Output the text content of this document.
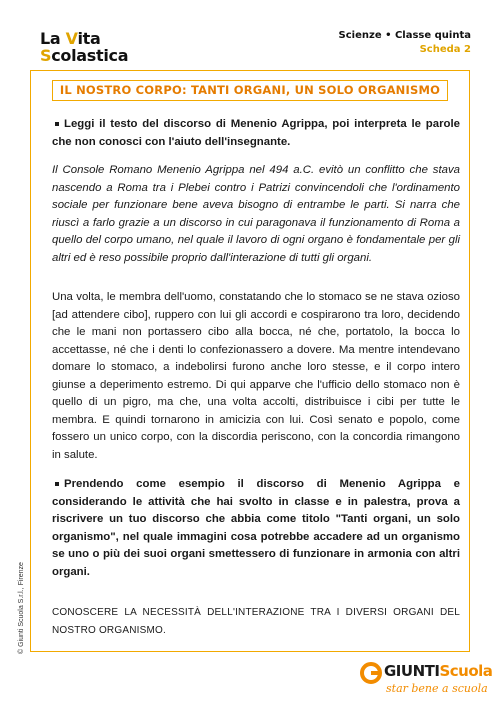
La Vita
Scolastica
Scienze • Classe quinta
Scheda 2
IL NOSTRO CORPO: TANTI ORGANI, UN SOLO ORGANISMO
Leggi il testo del discorso di Menenio Agrippa, poi interpreta le parole che non conosci con l'aiuto dell'insegnante.
Il Console Romano Menenio Agrippa nel 494 a.C. evitò un conflitto che stava nascendo a Roma tra i Plebei contro i Patrizi convincendoli che l'ordinamento sociale per funzionare bene aveva bisogno di entrambe le parti. Si narra che riuscì a farlo grazie a un discorso in cui paragonava il funzionamento di Roma a quello del corpo umano, nel quale il lavoro di ogni organo è fondamentale per gli altri ed è reso possibile proprio dall'interazione di tutti gli organi.
Una volta, le membra dell'uomo, constatando che lo stomaco se ne stava ozioso [ad attendere cibo], ruppero con lui gli accordi e cospirarono tra loro, decidendo che le mani non portassero cibo alla bocca, né che, portatolo, la bocca lo accettasse, né che i denti lo confezionassero a dovere. Ma mentre intendevano domare lo stomaco, a indebolirsi furono anche loro stesse, e il corpo intero giunse a deperimento estremo. Di qui apparve che l'ufficio dello stomaco non è quello di un pigro, ma che, una volta accolti, distribuisce i cibi per tutte le membra. E quindi tornarono in amicizia con lui. Così senato e popolo, come fossero un unico corpo, con la discordia periscono, con la concordia rimangono in salute.
Prendendo come esempio il discorso di Menenio Agrippa e considerando le attività che hai svolto in classe e in palestra, prova a riscrivere un tuo discorso che abbia come titolo "Tanti organi, un solo organismo", nel quale immagini cosa potrebbe accadere ad un organismo se uno o più dei suoi organi smettessero di funzionare in armonia con altri organi.
CONOSCERE LA NECESSITÀ DELL'INTERAZIONE TRA I DIVERSI ORGANI DEL NOSTRO ORGANISMO.
© Giunti Scuola S.r.l., Firenze
GIUNTIScuola
star bene a scuola
